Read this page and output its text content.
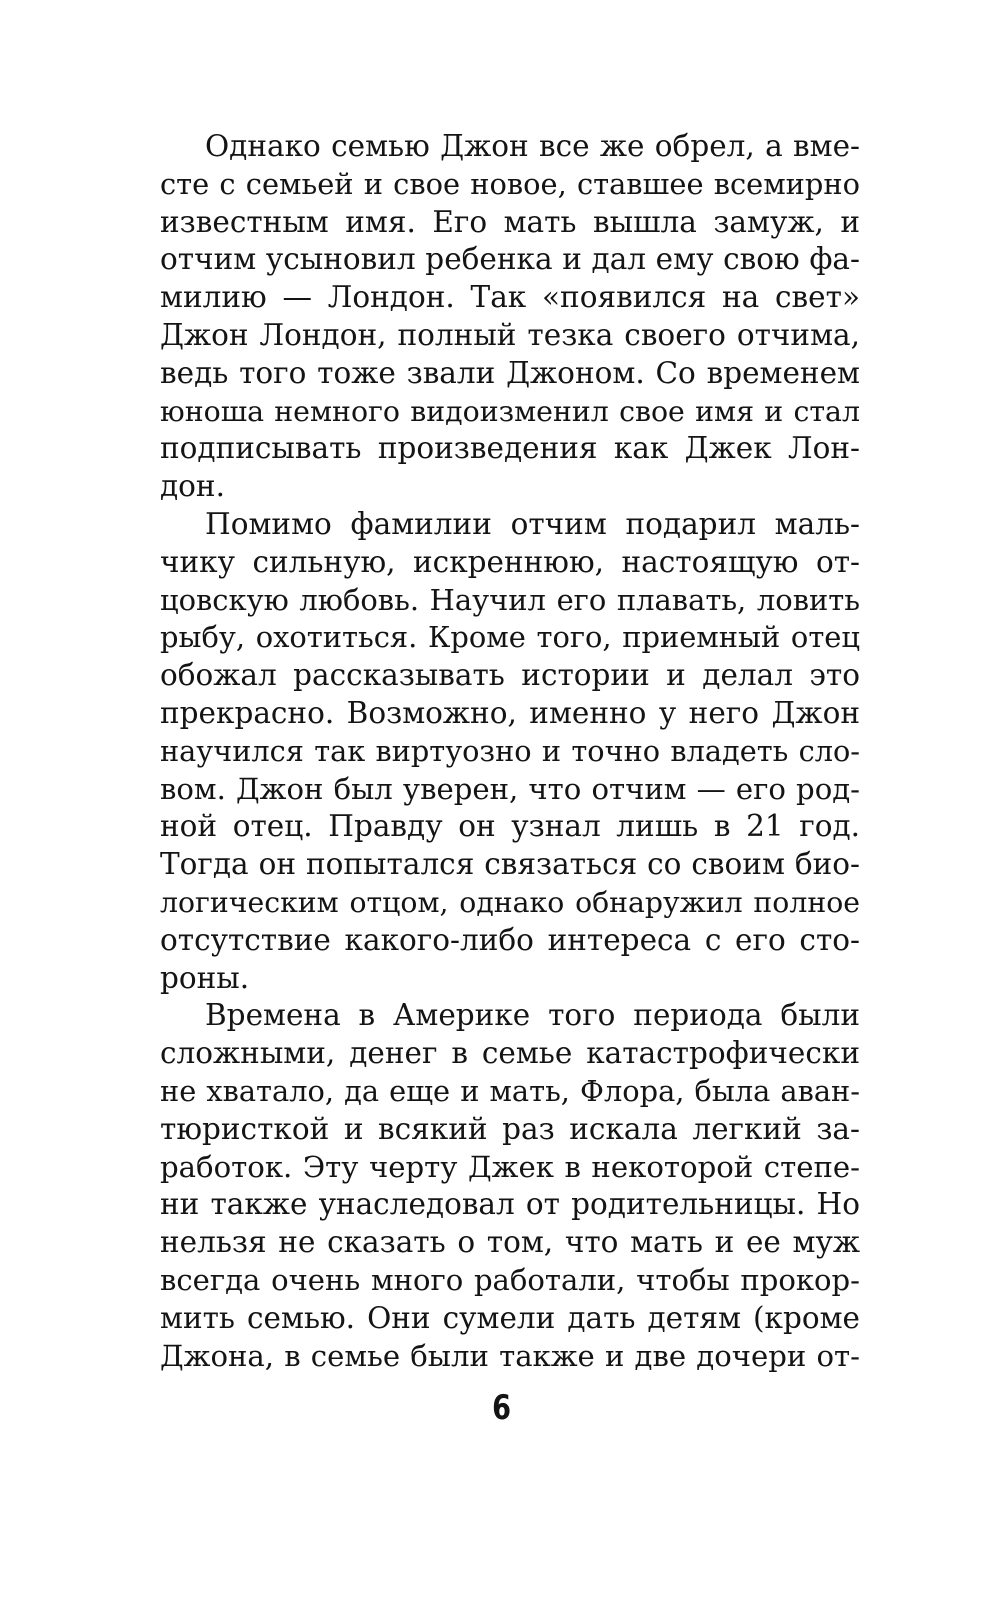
Однако семью Джон все же обрел, а вме-
сте с семьей и свое новое, ставшее всемирно
известным имя. Его мать вышла замуж, и
отчим усыновил ребенка и дал ему свою фа-
милию — Лондон. Так «появился на свет»
Джон Лондон, полный тезка своего отчима,
ведь того тоже звали Джоном. Со временем
юноша немного видоизменил свое имя и стал
подписывать произведения как Джек Лон-
дон.
Помимо фамилии отчим подарил маль-
чику сильную, искреннюю, настоящую от-
цовскую любовь. Научил его плавать, ловить
рыбу, охотиться. Кроме того, приемный отец
обожал рассказывать истории и делал это
прекрасно. Возможно, именно у него Джон
научился так виртуозно и точно владеть сло-
вом. Джон был уверен, что отчим — его род-
ной отец. Правду он узнал лишь в 21 год.
Тогда он попытался связаться со своим био-
логическим отцом, однако обнаружил полное
отсутствие какого-либо интереса с его сто-
роны.
Времена в Америке того периода были
сложными, денег в семье катастрофически
не хватало, да еще и мать, Флора, была аван-
тюристкой и всякий раз искала легкий за-
работок. Эту черту Джек в некоторой степе-
ни также унаследовал от родительницы. Но
нельзя не сказать о том, что мать и ее муж
всегда очень много работали, чтобы прокор-
мить семью. Они сумели дать детям (кроме
Джона, в семье были также и две дочери от-
6
